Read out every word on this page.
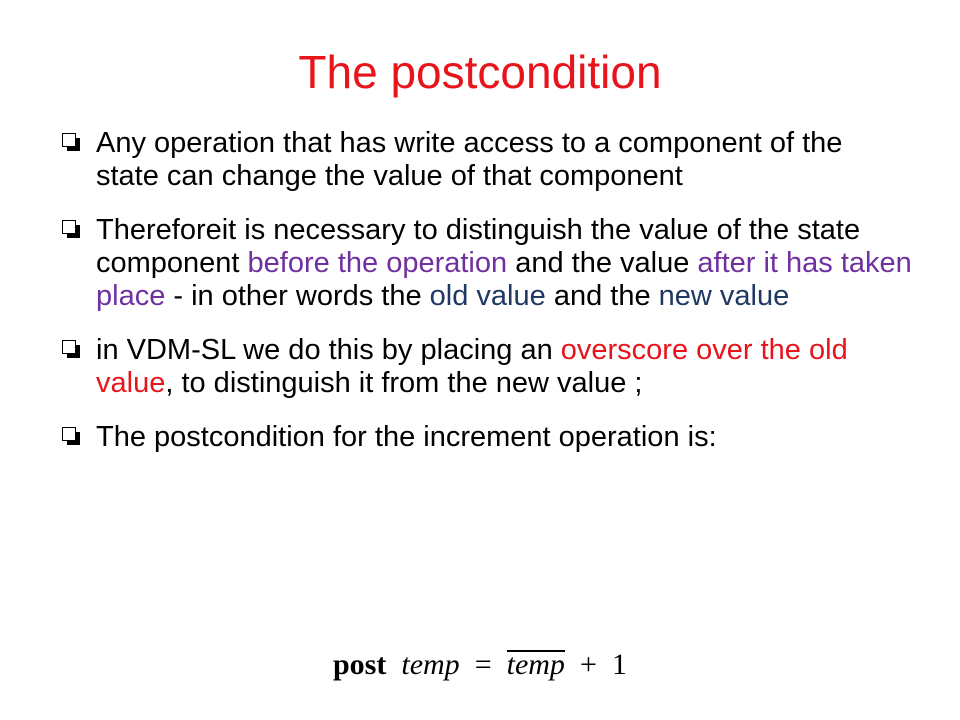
The postcondition
Any operation that has write access to a component of the state can change the value of that component
Thereforeit is necessary to distinguish the value of the state component before the operation and the value after it has taken place - in other words the old value and the new value
in VDM-SL we do this by placing an overscore over the old value, to distinguish it from the new value ;
The postcondition for the increment operation is:
post temp = temp + 1
